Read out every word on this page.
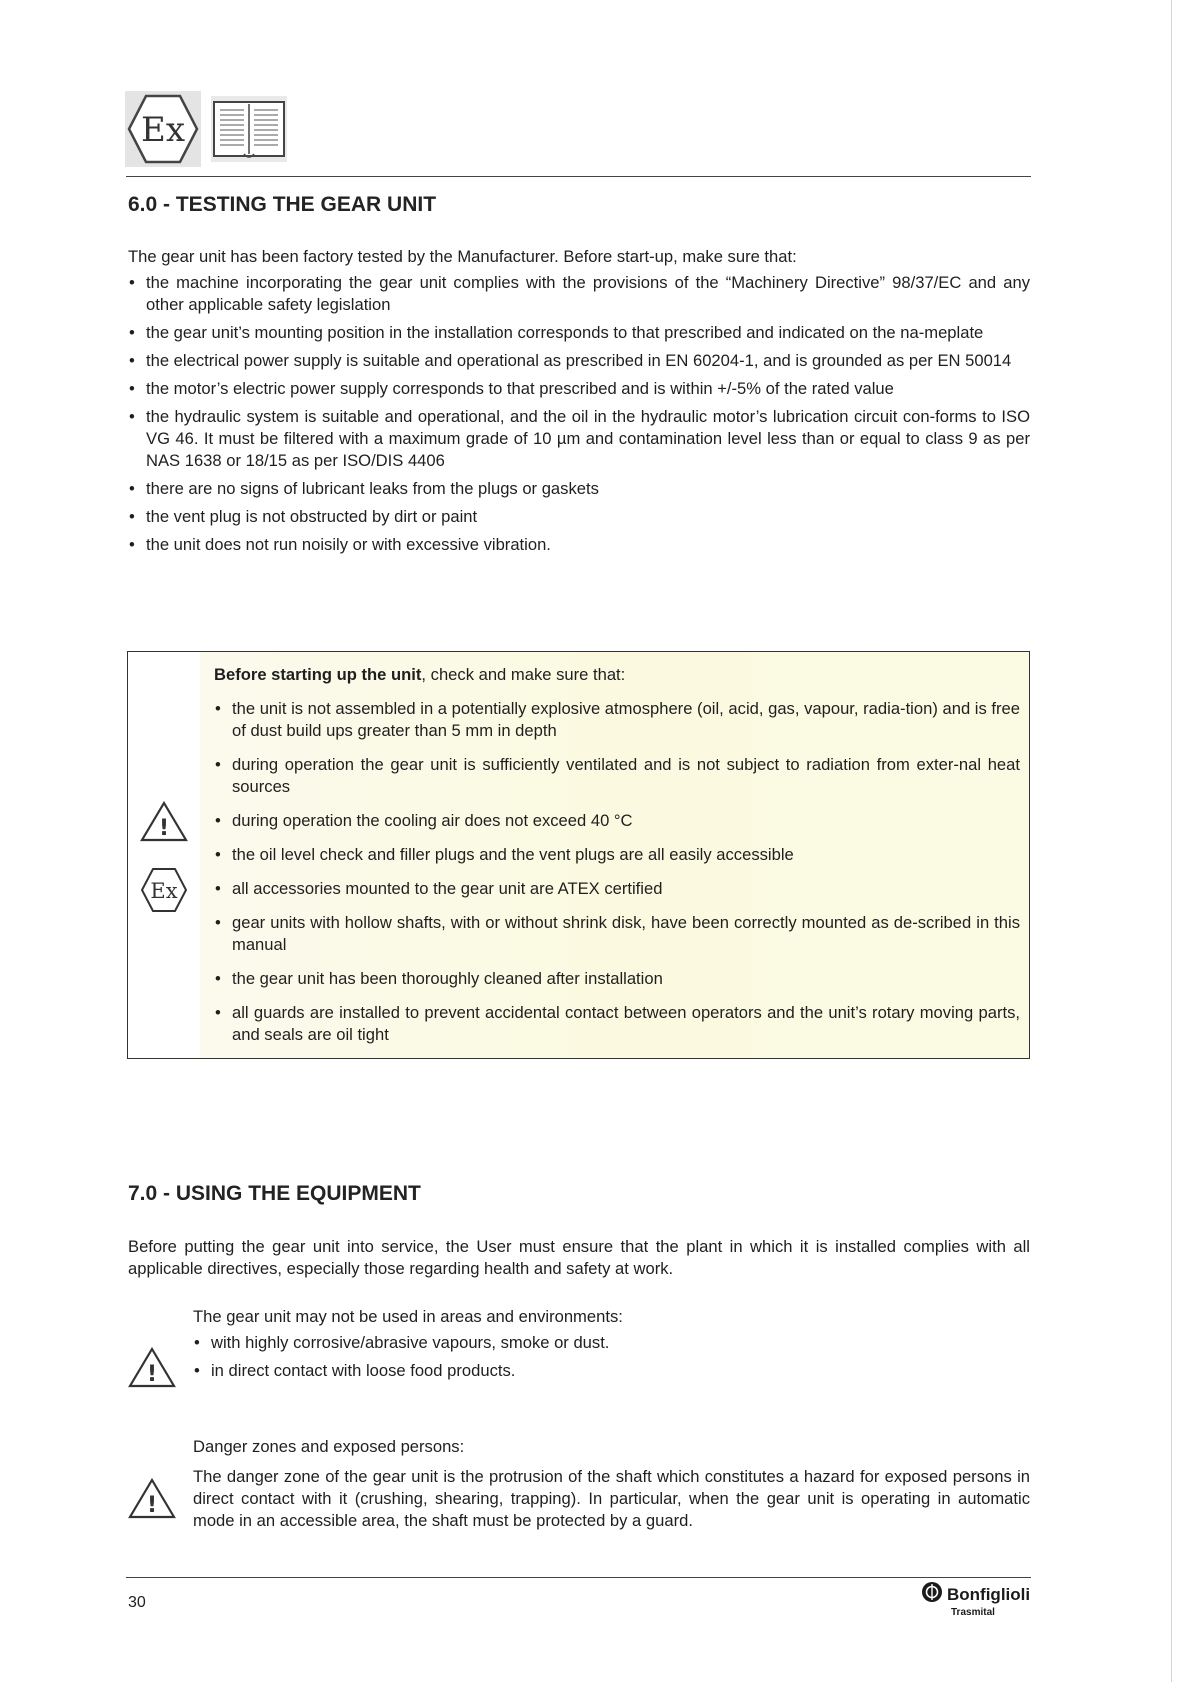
Ex
6.0 - TESTING THE GEAR UNIT

The gear unit has been factory tested by the Manufacturer. Before start-up, make sure that:

• the machine incorporating the gear unit complies with the provisions of the “Machinery Directive” 98/37/EC and any other applicable safety legislation
• the gear unit’s mounting position in the installation corresponds to that prescribed and indicated on the na-meplate
• the electrical power supply is suitable and operational as prescribed in EN 60204-1, and is grounded as per EN 50014
• the motor’s electric power supply corresponds to that prescribed and is within +/-5% of the rated value
• the hydraulic system is suitable and operational, and the oil in the hydraulic motor’s lubrication circuit con-forms to ISO VG 46. It must be filtered with a maximum grade of 10 µm and contamination level less than or equal to class 9 as per NAS 1638 or 18/15 as per ISO/DIS 4406
• there are no signs of lubricant leaks from the plugs or gaskets
• the vent plug is not obstructed by dirt or paint
• the unit does not run noisily or with excessive vibration.
!
Ex

Before starting up the unit, check and make sure that:

• the unit is not assembled in a potentially explosive atmosphere (oil, acid, gas, vapour, radia-tion) and is free of dust build ups greater than 5 mm in depth
• during operation the gear unit is sufficiently ventilated and is not subject to radiation from exter-nal heat sources
• during operation the cooling air does not exceed 40 °C
• the oil level check and filler plugs and the vent plugs are all easily accessible
• all accessories mounted to the gear unit are ATEX certified
• gear units with hollow shafts, with or without shrink disk, have been correctly mounted as de-scribed in this manual
• the gear unit has been thoroughly cleaned after installation
• all guards are installed to prevent accidental contact between operators and the unit’s rotary moving parts, and seals are oil tight
7.0 - USING THE EQUIPMENT

Before putting the gear unit into service, the User must ensure that the plant in which it is installed complies with all applicable directives, especially those regarding health and safety at work.

!

The gear unit may not be used in areas and environments:

• with highly corrosive/abrasive vapours, smoke or dust.
• in direct contact with loose food products.
!

Danger zones and exposed persons:

The danger zone of the gear unit is the protrusion of the shaft which constitutes a hazard for exposed persons in direct contact with it (crushing, shearing, trapping). In particular, when the gear unit is operating in automatic mode in an accessible area, the shaft must be protected by a guard.

30	Bonfiglioli
Trasmital
